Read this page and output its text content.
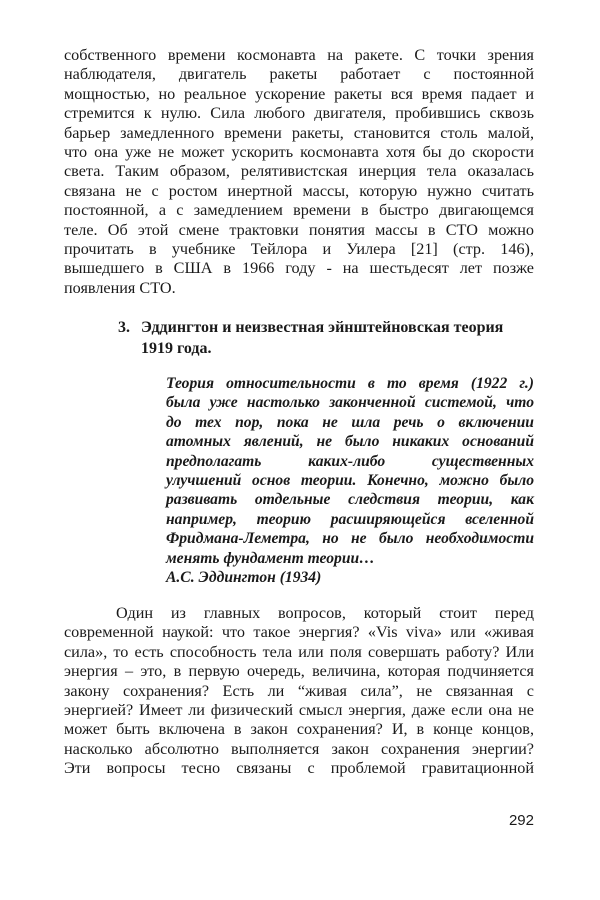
собственного времени космонавта на ракете. С точки зрения
наблюдателя, двигатель ракеты работает с постоянной
мощностью, но реальное ускорение ракеты вся время падает и
стремится к нулю. Сила любого двигателя, пробившись сквозь
барьер замедленного времени ракеты, становится столь малой,
что она уже не может ускорить космонавта хотя бы до скорости
света. Таким образом, релятивистская инерция тела оказалась
связана не с ростом инертной массы, которую нужно считать
постоянной, а с замедлением времени в быстро двигающемся
теле. Об этой смене трактовки понятия массы в СТО можно
прочитать в учебнике Тейлора и Уилера [21] (стр. 146),
вышедшего в США в 1966 году - на шестьдесят лет позже
появления СТО.
3. Эддингтон и неизвестная эйнштейновская теория
1919 года.
Теория относительности в то время (1922 г.)
была уже настолько законченной системой, что
до тех пор, пока не шла речь о включении
атомных явлений, не было никаких оснований
предполагать каких-либо существенных
улучшений основ теории. Конечно, можно было
развивать отдельные следствия теории, как
например, теорию расширяющейся вселенной
Фридмана-Леметра, но не было необходимости
менять фундамент теории…
А.С. Эддингтон (1934)
Один из главных вопросов, который стоит перед
современной наукой: что такое энергия? «Vis viva» или «живая
сила», то есть способность тела или поля совершать работу? Или
энергия – это, в первую очередь, величина, которая подчиняется
закону сохранения? Есть ли “живая сила”, не связанная с
энергией? Имеет ли физический смысл энергия, даже если она не
может быть включена в закон сохранения? И, в конце концов,
насколько абсолютно выполняется закон сохранения энергии?
Эти вопросы тесно связаны с проблемой гравитационной
292
